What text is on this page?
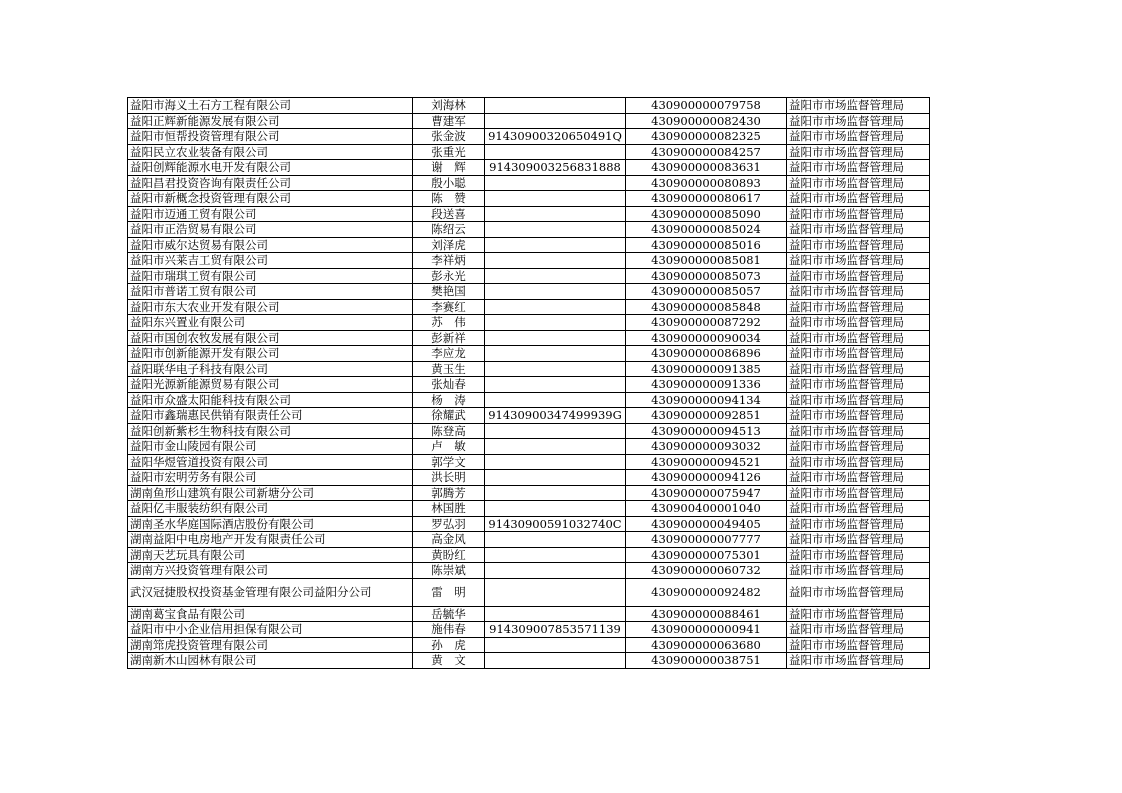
益阳市海义土石方工程有限公司	刘海林		430900000079758	益阳市市场监督管理局
益阳正辉新能源发展有限公司	曹建军		430900000082430	益阳市市场监督管理局
益阳市恒帮投资管理有限公司	张金波	91430900320650491Q	430900000082325	益阳市市场监督管理局
益阳民立农业装备有限公司	张重光		430900000084257	益阳市市场监督管理局
益阳创辉能源水电开发有限公司	谢　辉	914309003256831888	430900000083631	益阳市市场监督管理局
益阳昌君投资咨询有限责任公司	殷小聪		430900000080893	益阳市市场监督管理局
益阳市新概念投资管理有限公司	陈　赞		430900000080617	益阳市市场监督管理局
益阳市迈通工贸有限公司	段送喜		430900000085090	益阳市市场监督管理局
益阳市正浩贸易有限公司	陈绍云		430900000085024	益阳市市场监督管理局
益阳市威尔达贸易有限公司	刘泽虎		430900000085016	益阳市市场监督管理局
益阳市兴莱吉工贸有限公司	李祥炳		430900000085081	益阳市市场监督管理局
益阳市瑞琪工贸有限公司	彭永光		430900000085073	益阳市市场监督管理局
益阳市普诺工贸有限公司	樊艳国		430900000085057	益阳市市场监督管理局
益阳市东大农业开发有限公司	李赛红		430900000085848	益阳市市场监督管理局
益阳东兴置业有限公司	苏　伟		430900000087292	益阳市市场监督管理局
益阳市国创农牧发展有限公司	彭新祥		430900000090034	益阳市市场监督管理局
益阳市创新能源开发有限公司	李应龙		430900000086896	益阳市市场监督管理局
益阳联华电子科技有限公司	黄玉生		430900000091385	益阳市市场监督管理局
益阳光源新能源贸易有限公司	张灿春		430900000091336	益阳市市场监督管理局
益阳市众盛太阳能科技有限公司	杨　涛		430900000094134	益阳市市场监督管理局
益阳市鑫瑞惠民供销有限责任公司	徐耀武	91430900347499939G	430900000092851	益阳市市场监督管理局
益阳创新紫杉生物科技有限公司	陈登高		430900000094513	益阳市市场监督管理局
益阳市金山陵园有限公司	卢　敏		430900000093032	益阳市市场监督管理局
益阳华煜管道投资有限公司	郭学文		430900000094521	益阳市市场监督管理局
益阳市宏明劳务有限公司	洪长明		430900000094126	益阳市市场监督管理局
湖南鱼形山建筑有限公司新塘分公司	郭腾芳		430900000075947	益阳市市场监督管理局
益阳亿丰服装纺织有限公司	林国胜		430900400001040	益阳市市场监督管理局
湖南圣水华庭国际酒店股份有限公司	罗弘羽	91430900591032740C	430900000049405	益阳市市场监督管理局
湖南益阳中电房地产开发有限责任公司	高金风		430900000007777	益阳市市场监督管理局
湖南天艺玩具有限公司	黄盼红		430900000075301	益阳市市场监督管理局
湖南方兴投资管理有限公司	陈崇斌		430900000060732	益阳市市场监督管理局
武汉冠捷股权投资基金管理有限公司益阳分公司	雷　明		430900000092482	益阳市市场监督管理局
湖南葛宝食品有限公司	岳毓华		430900000088461	益阳市市场监督管理局
益阳市中小企业信用担保有限公司	施伟春	914309007853571139	430900000000941	益阳市市场监督管理局
湖南筇虎投资管理有限公司	孙　虎		430900000063680	益阳市市场监督管理局
湖南新木山园林有限公司	黄　文		430900000038751	益阳市市场监督管理局
